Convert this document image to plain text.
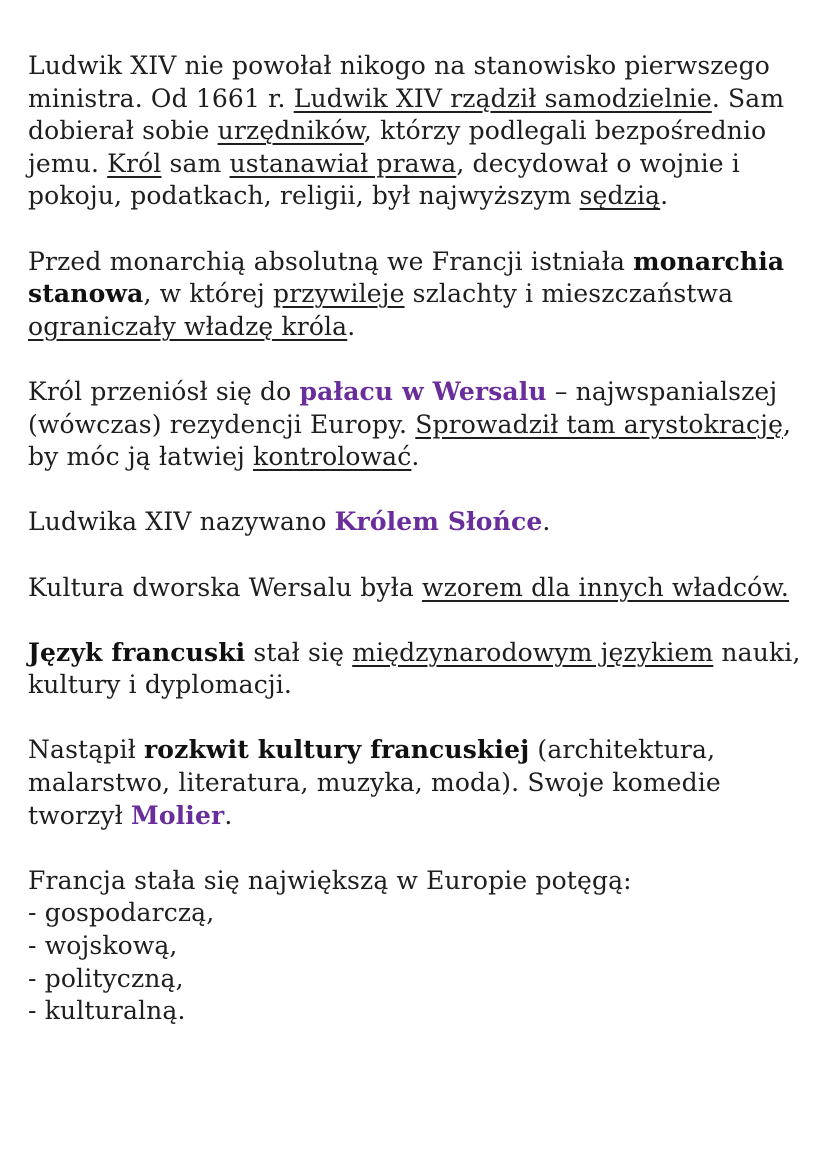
Ludwik XIV nie powołał nikogo na stanowisko pierwszego ministra. Od 1661 r. Ludwik XIV rządził samodzielnie. Sam dobierał sobie urzędników, którzy podlegali bezpośrednio jemu. Król sam ustanawiał prawa, decydował o wojnie i pokoju, podatkach, religii, był najwyższym sędzią.

Przed monarchią absolutną we Francji istniała monarchia stanowa, w której przywileje szlachty i mieszczaństwa ograniczały władzę króla.

Król przeniósł się do pałacu w Wersalu – najwspanialszej (wówczas) rezydencji Europy. Sprowadził tam arystokrację, by móc ją łatwiej kontrolować.

Ludwika XIV nazywano Królem Słońce.

Kultura dworska Wersalu była wzorem dla innych władców.

Język francuski stał się międzynarodowym językiem nauki, kultury i dyplomacji.

Nastąpił rozkwit kultury francuskiej (architektura, malarstwo, literatura, muzyka, moda). Swoje komedie tworzył Molier.

Francja stała się największą w Europie potęgą:
- gospodarczą,
- wojskową,
- polityczną,
- kulturalną.
